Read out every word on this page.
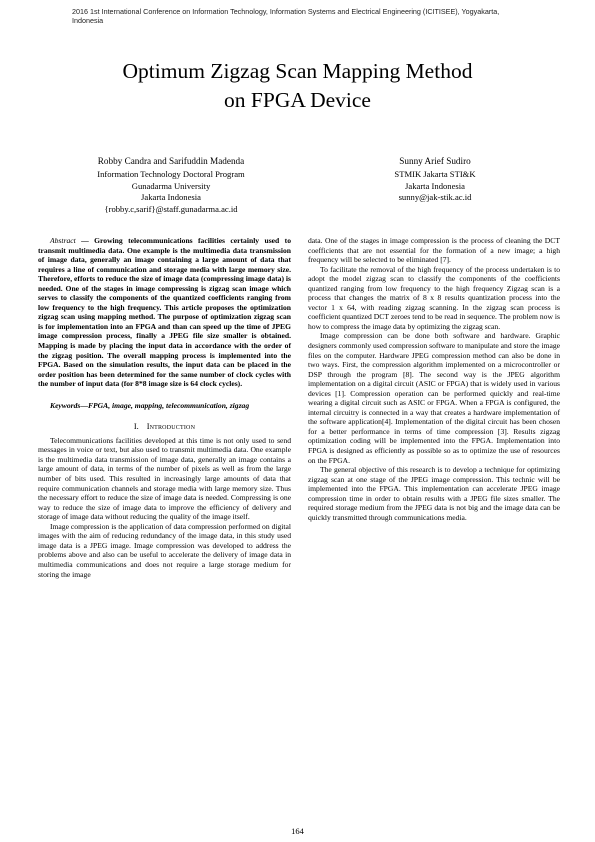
2016 1st International Conference on Information Technology, Information Systems and Electrical Engineering (ICITISEE), Yogyakarta, Indonesia
Optimum Zigzag Scan Mapping Method
on FPGA Device
Robby Candra and Sarifuddin Madenda
Information Technology Doctoral Program
Gunadarma University
Jakarta Indonesia
{robby.c,sarif}@staff.gunadarma.ac.id
Sunny Arief Sudiro
STMIK Jakarta STI&K
Jakarta Indonesia
sunny@jak-stik.ac.id

Abstract — Growing telecommunications facilities certainly used to transmit multimedia data. One example is the multimedia data transmission of image data, generally an image containing a large amount of data that requires a line of communication and storage media with large memory size. Therefore, efforts to reduce the size of image data (compressing image data) is needed. One of the stages in image compressing is zigzag scan image which serves to classify the components of the quantized coefficients ranging from low frequency to the high frequency. This article proposes the optimization zigzag scan using mapping method. The purpose of optimization zigzag scan is for implementation into an FPGA and than can speed up the time of JPEG image compression process, finally a JPEG file size smaller is obtained. Mapping is made by placing the input data in accordance with the order of the zigzag position. The overall mapping process is implemented into the FPGA. Based on the simulation results, the input data can be placed in the order position has been determined for the same number of clock cycles with the number of input data (for 8*8 image size is 64 clock cycles).

Keywords—FPGA, image, mapping, telecommunication, zigzag

I. Introduction

Telecommunications facilities developed at this time is not only used to send messages in voice or text, but also used to transmit multimedia data. One example is the multimedia data transmission of image data, generally an image contains a large amount of data, in terms of the number of pixels as well as from the large number of bits used. This resulted in increasingly large amounts of data that require communication channels and storage media with large memory size. Thus the necessary effort to reduce the size of image data is needed. Compressing is one way to reduce the size of image data to improve the efficiency of delivery and storage of image data without reducing the quality of the image itself.

Image compression is the application of data compression performed on digital images with the aim of reducing redundancy of the image data, in this study used image data is a JPEG image. Image compression was developed to address the problems above and also can be useful to accelerate the delivery of image data in multimedia communications and does not require a large storage medium for storing the image

data. One of the stages in image compression is the process of cleaning the DCT coefficients that are not essential for the formation of a new image; a high frequency will be selected to be eliminated [7].

To facilitate the removal of the high frequency of the process undertaken is to adopt the model zigzag scan to classify the components of the coefficients quantized ranging from low frequency to the high frequency Zigzag scan is a process that changes the matrix of 8 x 8 results quantization process into the vector 1 x 64, with reading zigzag scanning. In the zigzag scan process is coefficient quantized DCT zeroes tend to be read in sequence. The problem now is how to compress the image data by optimizing the zigzag scan.

Image compression can be done both software and hardware. Graphic designers commonly used compression software to manipulate and store the image files on the computer. Hardware JPEG compression method can also be done in two ways. First, the compression algorithm implemented on a microcontroller or DSP through the program [8]. The second way is the JPEG algorithm implementation on a digital circuit (ASIC or FPGA) that is widely used in various devices [1]. Compression operation can be performed quickly and real-time wearing a digital circuit such as ASIC or FPGA. When a FPGA is configured, the internal circuitry is connected in a way that creates a hardware implementation of the software application[4]. Implementation of the digital circuit has been chosen for a better performance in terms of time compression [3]. Results zigzag optimization coding will be implemented into the FPGA. Implementation into FPGA is designed as efficiently as possible so as to optimize the use of resources on the FPGA.

The general objective of this research is to develop a technique for optimizing zigzag scan at one stage of the JPEG image compression. This technic will be implemented into the FPGA. This implementation can accelerate JPEG image compression time in order to obtain results with a JPEG file sizes smaller. The required storage medium from the JPEG data is not big and the image data can be quickly transmitted through communications media.

164
